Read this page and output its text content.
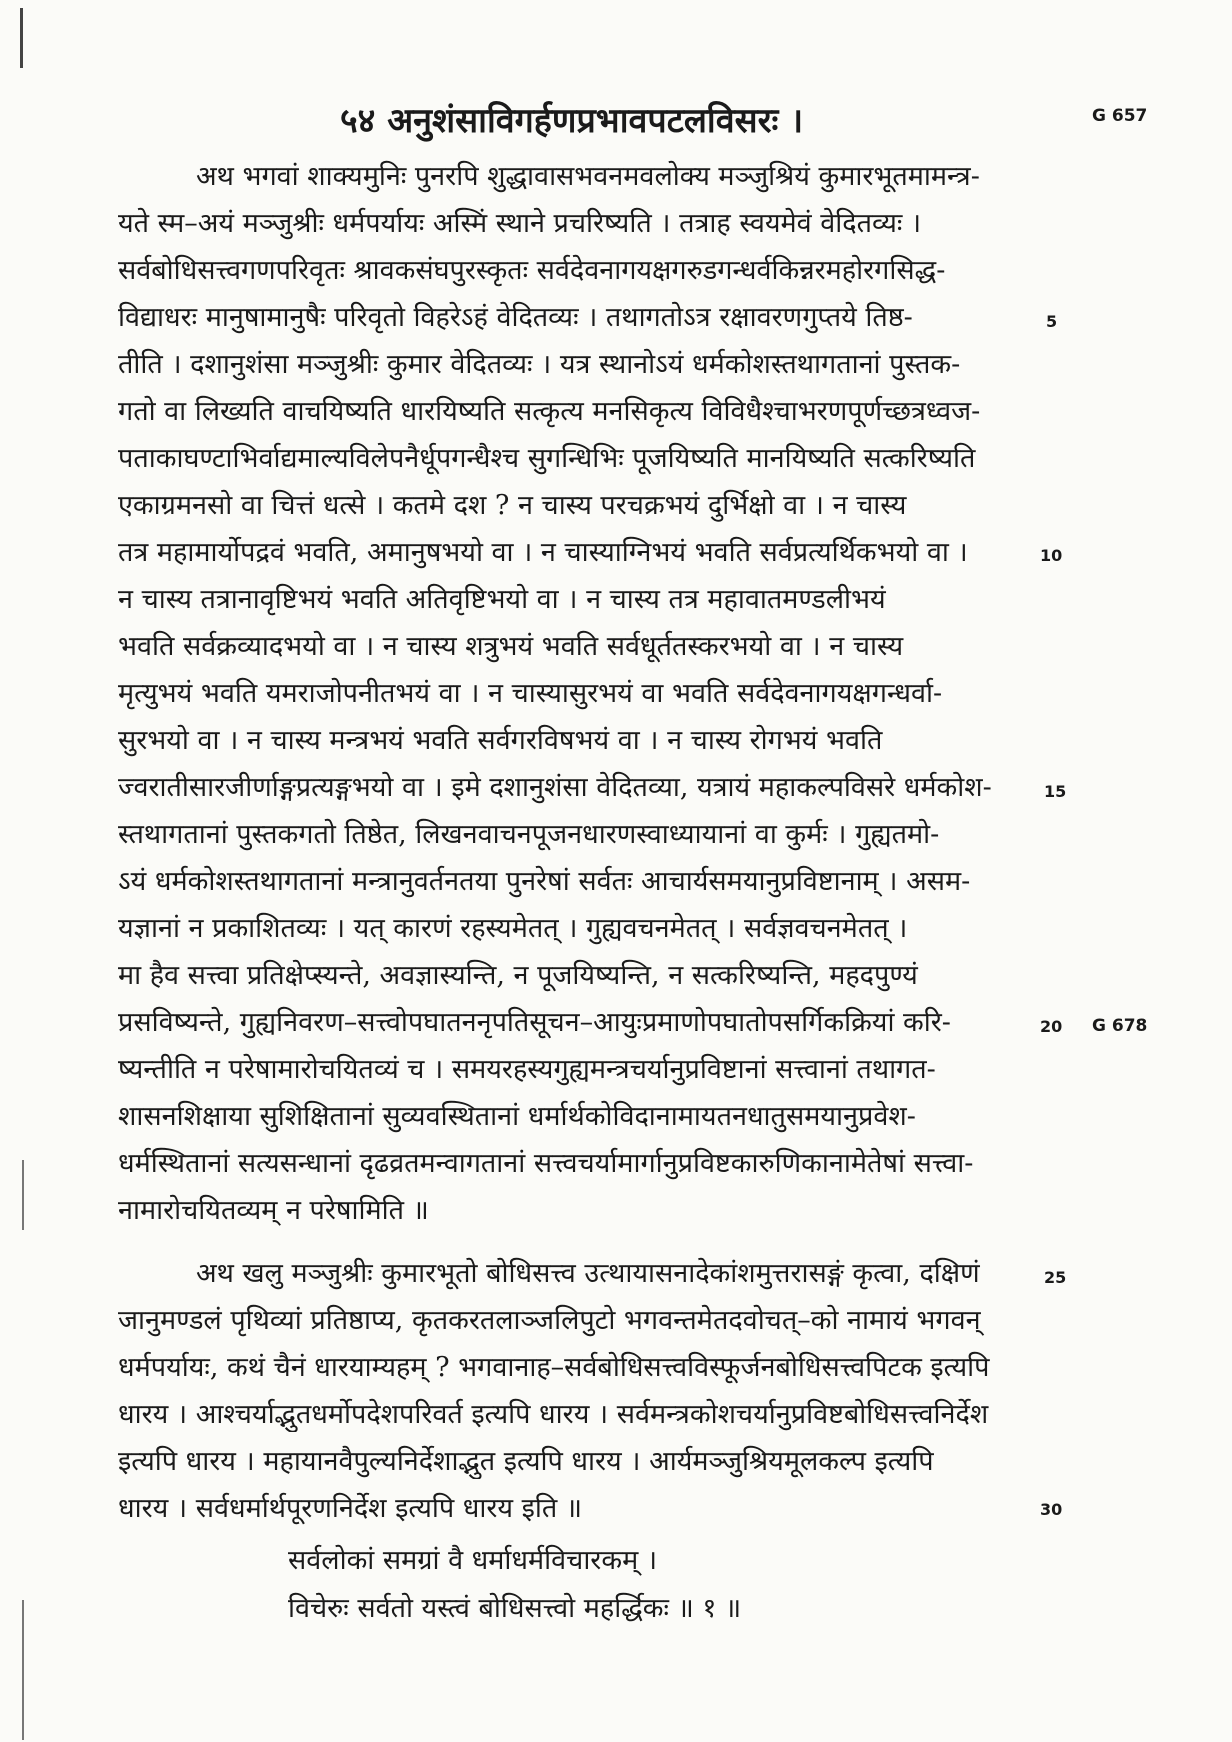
५४ अनुशंसाविगर्हणप्रभावपटलविसरः ।	G 657
G 678
अथ भगवां शाक्यमुनिः पुनरपि शुद्धावासभवनमवलोक्य मञ्जुश्रियं कुमारभूतमामन्त्र-
यते स्म–अयं मञ्जुश्रीः धर्मपर्यायः अस्मिं स्थाने प्रचरिष्यति । तत्राह स्वयमेवं वेदितव्यः ।
सर्वबोधिसत्त्वगणपरिवृतः श्रावकसंघपुरस्कृतः सर्वदेवनागयक्षगरुडगन्धर्वकिन्नरमहोरगसिद्ध-
विद्याधरः मानुषामानुषैः परिवृतो विहरेऽहं वेदितव्यः । तथागतोऽत्र रक्षावरणगुप्तये तिष्ठ-
तीति । दशानुशंसा मञ्जुश्रीः कुमार वेदितव्यः । यत्र स्थानोऽयं धर्मकोशस्तथागतानां पुस्तक-
गतो वा लिख्यति वाचयिष्यति धारयिष्यति सत्कृत्य मनसिकृत्य विविधैश्चाभरणपूर्णच्छत्रध्वज-
पताकाघण्टाभिर्वाद्यमाल्यविलेपनैर्धूपगन्धैश्च सुगन्धिभिः पूजयिष्यति मानयिष्यति सत्करिष्यति
एकाग्रमनसो वा चित्तं धत्से । कतमे दश ? न चास्य परचक्रभयं दुर्भिक्षो वा । न चास्य
तत्र महामार्योपद्रवं भवति, अमानुषभयो वा । न चास्याग्निभयं भवति सर्वप्रत्यर्थिकभयो वा ।
न चास्य तत्रानावृष्टिभयं भवति अतिवृष्टिभयो वा । न चास्य तत्र महावातमण्डलीभयं
भवति सर्वक्रव्यादभयो वा । न चास्य शत्रुभयं भवति सर्वधूर्ततस्करभयो वा । न चास्य
मृत्युभयं भवति यमराजोपनीतभयं वा । न चास्यासुरभयं वा भवति सर्वदेवनागयक्षगन्धर्वा-
सुरभयो वा । न चास्य मन्त्रभयं भवति सर्वगरविषभयं वा । न चास्य रोगभयं भवति
ज्वरातीसारजीर्णाङ्गप्रत्यङ्गभयो वा । इमे दशानुशंसा वेदितव्या, यत्रायं महाकल्पविसरे धर्मकोश-
स्तथागतानां पुस्तकगतो तिष्ठेत, लिखनवाचनपूजनधारणस्वाध्यायानां वा कुर्मः । गुह्यतमो-
ऽयं धर्मकोशस्तथागतानां मन्त्रानुवर्तनतया पुनरेषां सर्वतः आचार्यसमयानुप्रविष्टानाम् । असम-
यज्ञानां न प्रकाशितव्यः । यत् कारणं रहस्यमेतत् । गुह्यवचनमेतत् । सर्वज्ञवचनमेतत् ।
मा हैव सत्त्वा प्रतिक्षेप्स्यन्ते, अवज्ञास्यन्ति, न पूजयिष्यन्ति, न सत्करिष्यन्ति, महदपुण्यं
प्रसविष्यन्ते, गुह्यनिवरण–सत्त्वोपघातननृपतिसूचन–आयुःप्रमाणोपघातोपसर्गिकक्रियां करि-
ष्यन्तीति न परेषामारोचयितव्यं च । समयरहस्यगुह्यमन्त्रचर्यानुप्रविष्टानां सत्त्वानां तथागत-
शासनशिक्षाया सुशिक्षितानां सुव्यवस्थितानां धर्मार्थकोविदानामायतनधातुसमयानुप्रवेश-
धर्मस्थितानां सत्यसन्धानां दृढव्रतमन्वागतानां सत्त्वचर्यामार्गानुप्रविष्टकारुणिकानामेतेषां सत्त्वा-
नामारोचयितव्यम् न परेषामिति ॥
अथ खलु मञ्जुश्रीः कुमारभूतो बोधिसत्त्व उत्थायासनादेकांशमुत्तरासङ्गं कृत्वा, दक्षिणं
जानुमण्डलं पृथिव्यां प्रतिष्ठाप्य, कृतकरतलाञ्जलिपुटो भगवन्तमेतदवोचत्–को नामायं भगवन्
धर्मपर्यायः, कथं चैनं धारयाम्यहम् ? भगवानाह–सर्वबोधिसत्त्वविस्फूर्जनबोधिसत्त्वपिटक इत्यपि
धारय । आश्चर्याद्भुतधर्मोपदेशपरिवर्त इत्यपि धारय । सर्वमन्त्रकोशचर्यानुप्रविष्टबोधिसत्त्वनिर्देश
इत्यपि धारय । महायानवैपुल्यनिर्देशाद्भुत इत्यपि धारय । आर्यमञ्जुश्रियमूलकल्प इत्यपि
धारय । सर्वधर्मार्थपूरणनिर्देश इत्यपि धारय इति ॥
सर्वलोकां समग्रां वै धर्माधर्मविचारकम् ।
विचेरुः सर्वतो यस्त्वं बोधिसत्त्वो महर्द्धिकः ॥ १ ॥
5
10
15
20
25
30
